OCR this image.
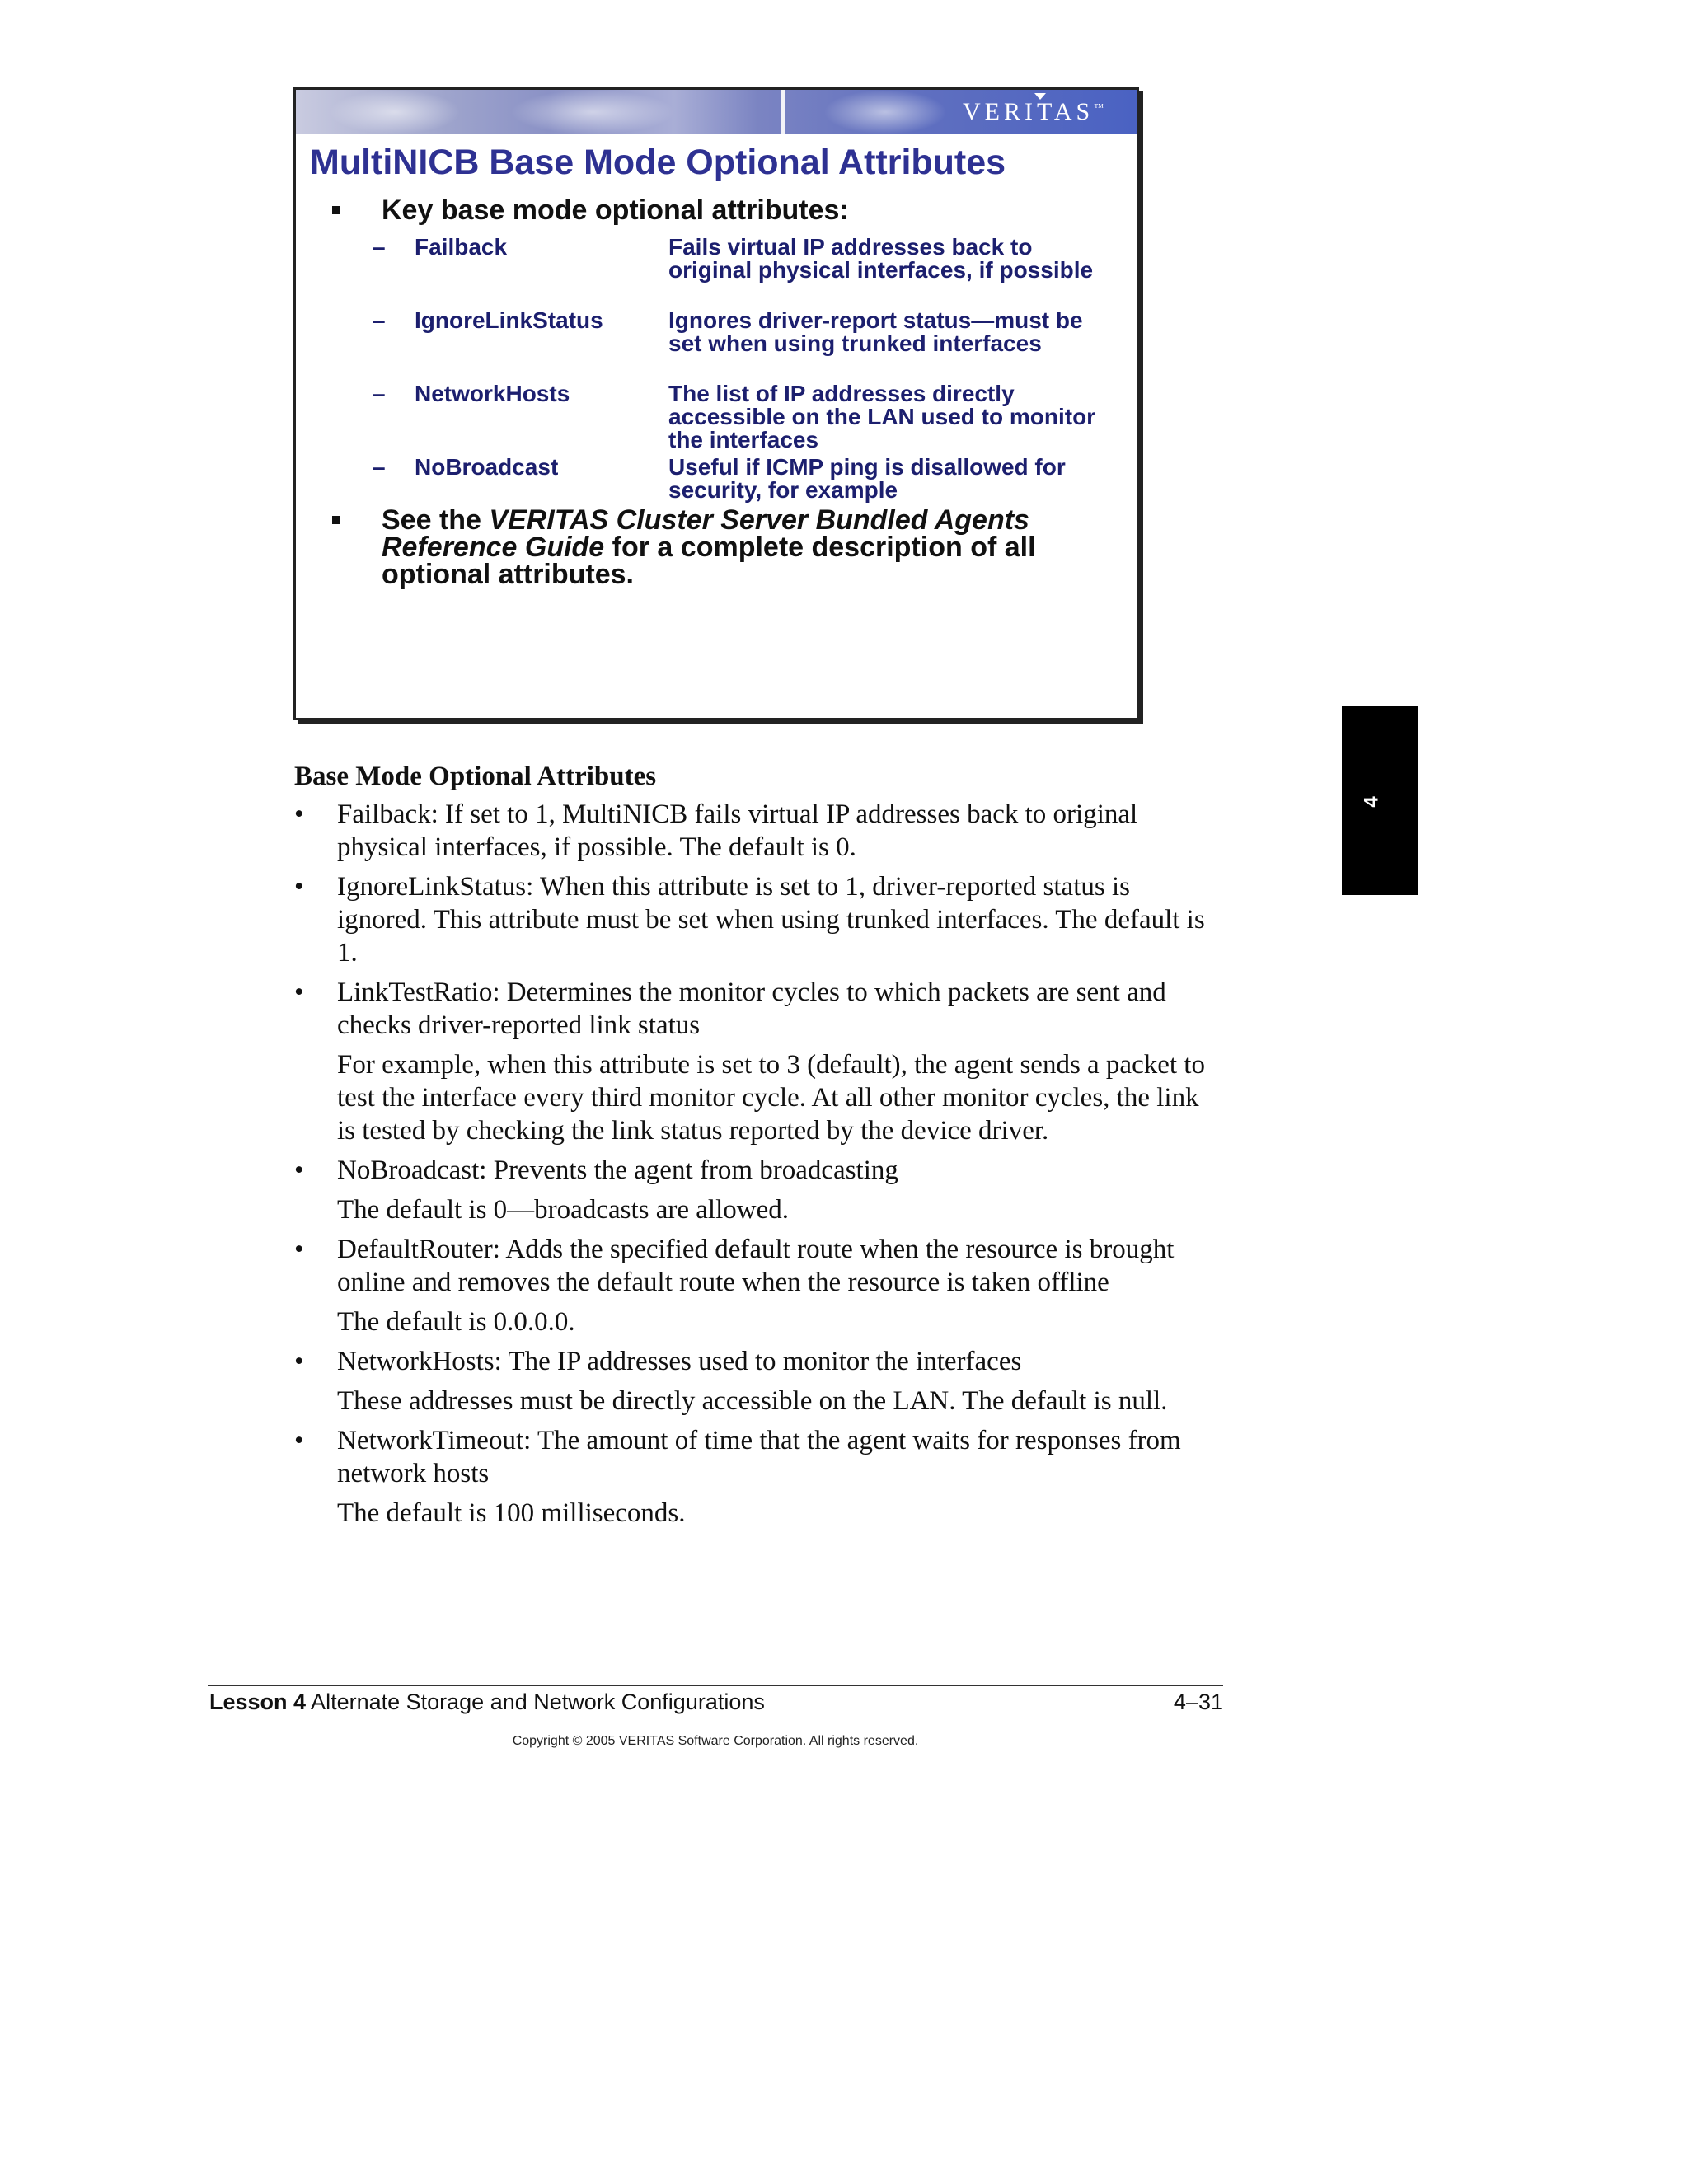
VERITAS™
MultiNICB Base Mode Optional Attributes
Key base mode optional attributes:
– Failback	Fails virtual IP addresses back to original physical interfaces, if possible
– IgnoreLinkStatus	Ignores driver-report status—must be set when using trunked interfaces
– NetworkHosts	The list of IP addresses directly accessible on the LAN used to monitor the interfaces
– NoBroadcast	Useful if ICMP ping is disallowed for security, for example
See the VERITAS Cluster Server Bundled Agents Reference Guide for a complete description of all optional attributes.
4
Base Mode Optional Attributes
• Failback: If set to 1, MultiNICB fails virtual IP addresses back to original physical interfaces, if possible. The default is 0.
• IgnoreLinkStatus: When this attribute is set to 1, driver-reported status is ignored. This attribute must be set when using trunked interfaces. The default is 1.
• LinkTestRatio: Determines the monitor cycles to which packets are sent and checks driver-reported link status
For example, when this attribute is set to 3 (default), the agent sends a packet to test the interface every third monitor cycle. At all other monitor cycles, the link is tested by checking the link status reported by the device driver.
• NoBroadcast: Prevents the agent from broadcasting
The default is 0—broadcasts are allowed.
• DefaultRouter: Adds the specified default route when the resource is brought online and removes the default route when the resource is taken offline
The default is 0.0.0.0.
• NetworkHosts: The IP addresses used to monitor the interfaces
These addresses must be directly accessible on the LAN. The default is null.
• NetworkTimeout: The amount of time that the agent waits for responses from network hosts
The default is 100 milliseconds.
Lesson 4 Alternate Storage and Network Configurations	4–31
Copyright © 2005 VERITAS Software Corporation. All rights reserved.
